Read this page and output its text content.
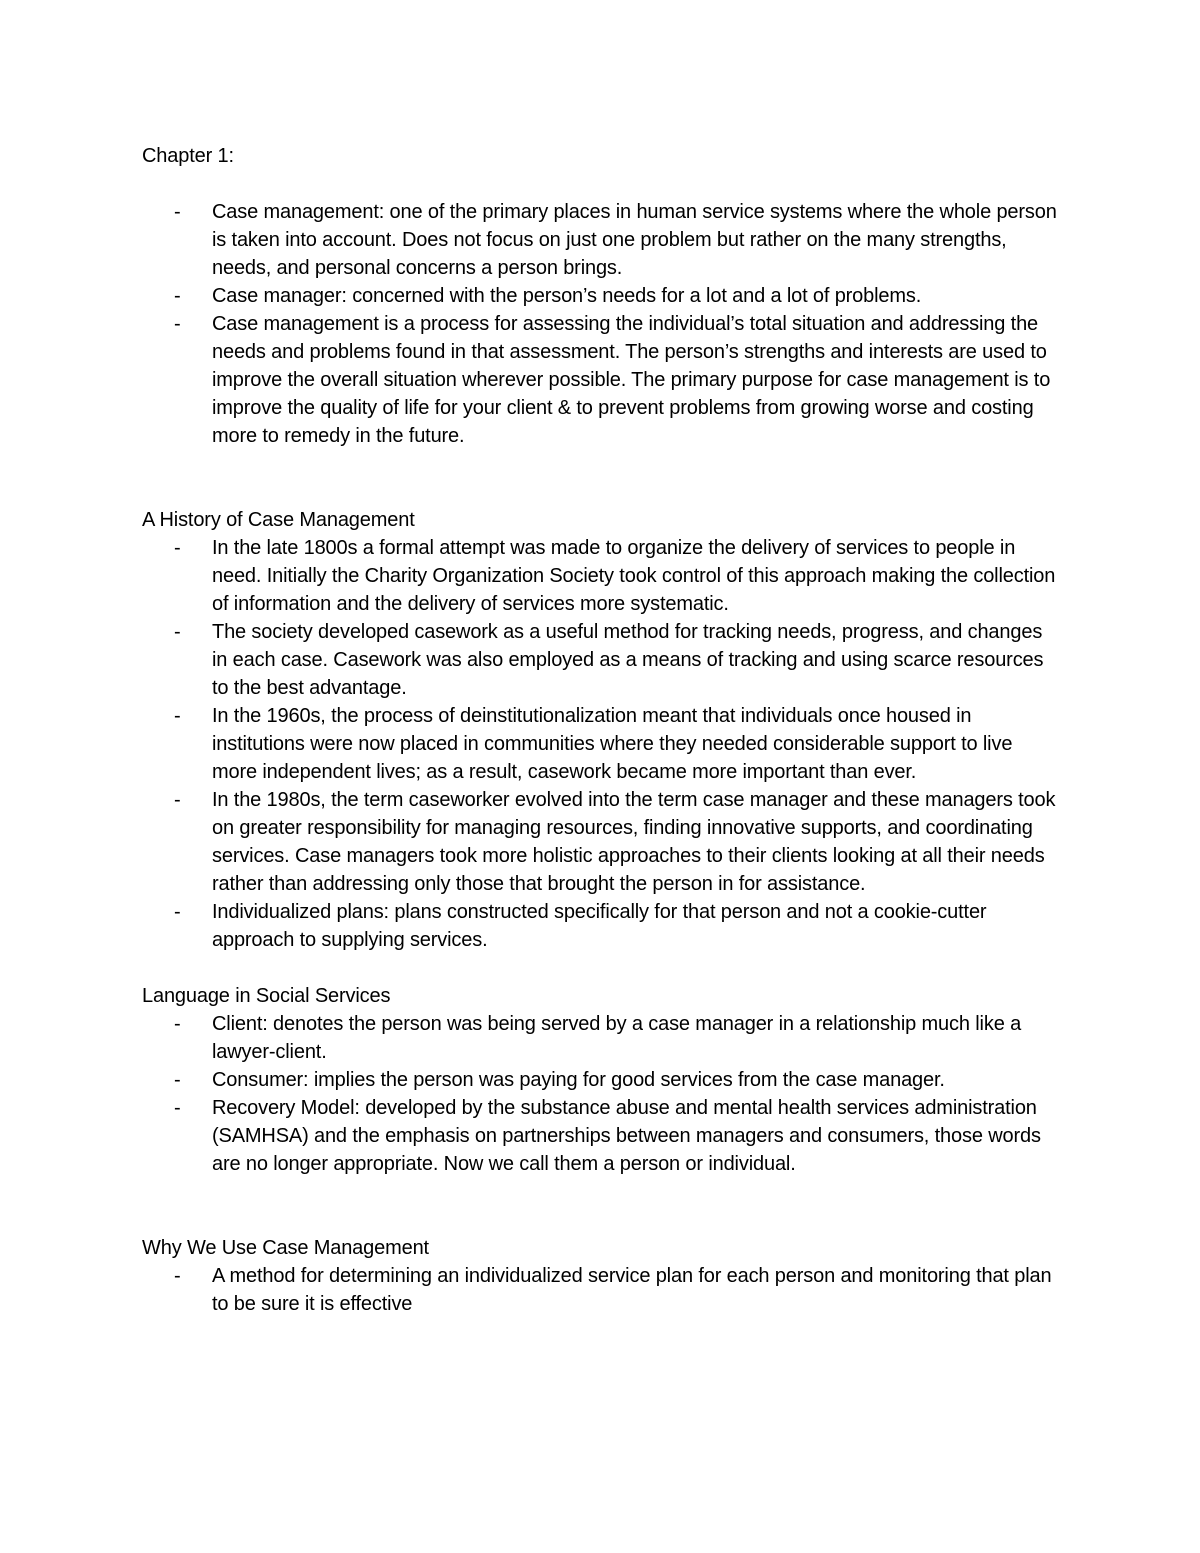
Chapter 1:

- Case management: one of the primary places in human service systems where the whole person is taken into account. Does not focus on just one problem but rather on the many strengths, needs, and personal concerns a person brings.
- Case manager: concerned with the person’s needs for a lot and a lot of problems.
- Case management is a process for assessing the individual’s total situation and addressing the needs and problems found in that assessment. The person’s strengths and interests are used to improve the overall situation wherever possible. The primary purpose for case management is to improve the quality of life for your client & to prevent problems from growing worse and costing more to remedy in the future.

A History of Case Management

- In the late 1800s a formal attempt was made to organize the delivery of services to people in need. Initially the Charity Organization Society took control of this approach making the collection of information and the delivery of services more systematic.
- The society developed casework as a useful method for tracking needs, progress, and changes in each case. Casework was also employed as a means of tracking and using scarce resources to the best advantage.
- In the 1960s, the process of deinstitutionalization meant that individuals once housed in institutions were now placed in communities where they needed considerable support to live more independent lives; as a result, casework became more important than ever.
- In the 1980s, the term caseworker evolved into the term case manager and these managers took on greater responsibility for managing resources, finding innovative supports, and coordinating services. Case managers took more holistic approaches to their clients looking at all their needs rather than addressing only those that brought the person in for assistance.
- Individualized plans: plans constructed specifically for that person and not a cookie-cutter approach to supplying services.

Language in Social Services

- Client: denotes the person was being served by a case manager in a relationship much like a lawyer-client.
- Consumer: implies the person was paying for good services from the case manager.
- Recovery Model: developed by the substance abuse and mental health services administration (SAMHSA) and the emphasis on partnerships between managers and consumers, those words are no longer appropriate. Now we call them a person or individual.

Why We Use Case Management

- A method for determining an individualized service plan for each person and monitoring that plan to be sure it is effective
